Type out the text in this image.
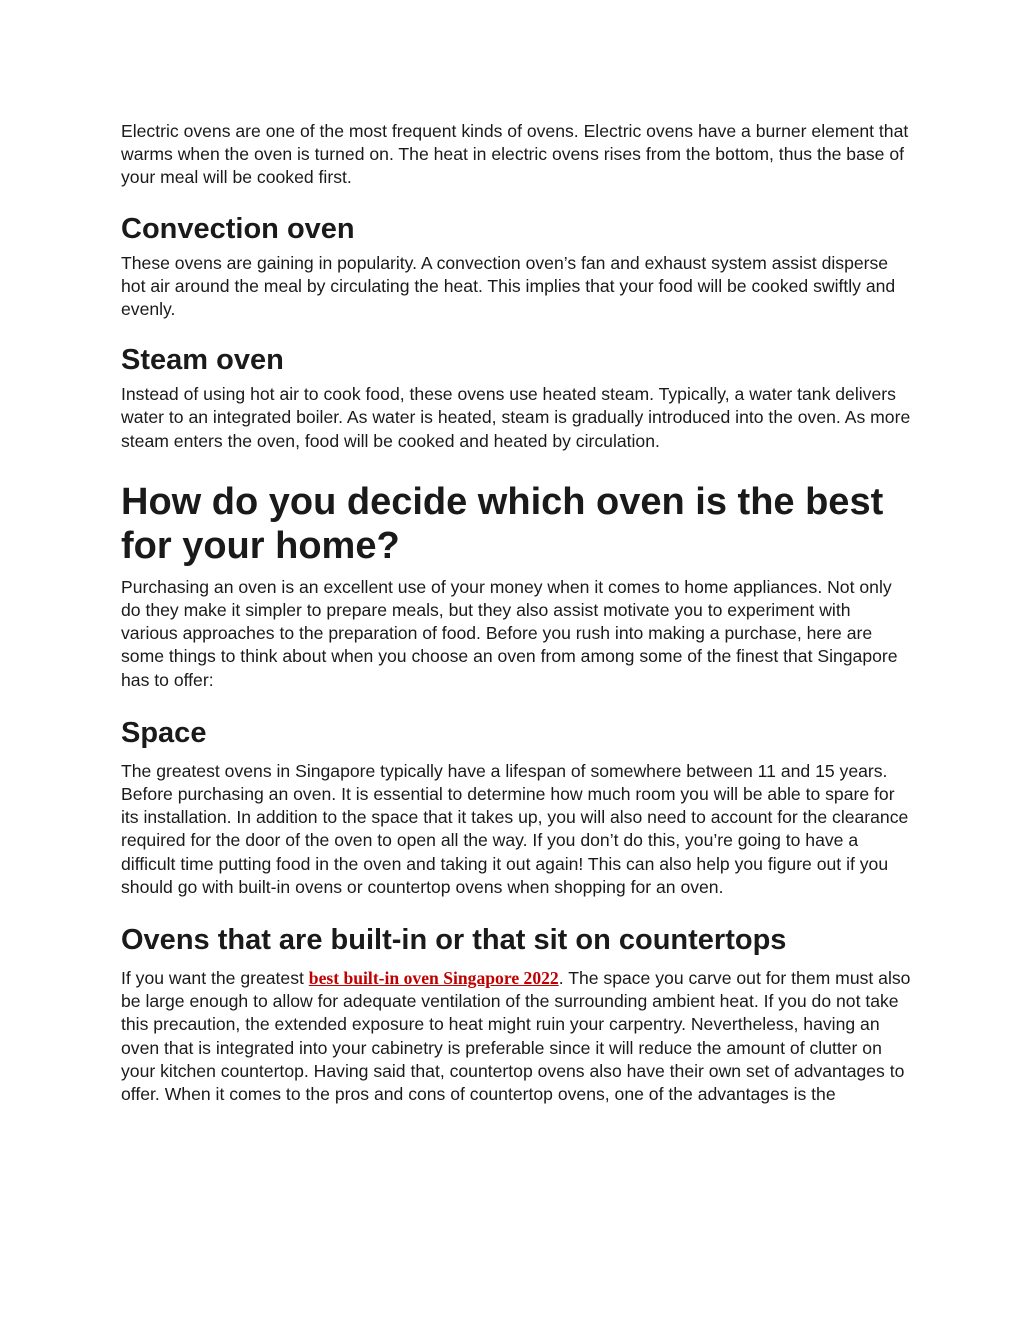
Electric ovens are one of the most frequent kinds of ovens. Electric ovens have a burner element that warms when the oven is turned on. The heat in electric ovens rises from the bottom, thus the base of your meal will be cooked first.

Convection oven

These ovens are gaining in popularity. A convection oven’s fan and exhaust system assist disperse hot air around the meal by circulating the heat. This implies that your food will be cooked swiftly and evenly.

Steam oven

Instead of using hot air to cook food, these ovens use heated steam. Typically, a water tank delivers water to an integrated boiler. As water is heated, steam is gradually introduced into the oven. As more steam enters the oven, food will be cooked and heated by circulation.

How do you decide which oven is the best for your home?

Purchasing an oven is an excellent use of your money when it comes to home appliances. Not only do they make it simpler to prepare meals, but they also assist motivate you to experiment with various approaches to the preparation of food. Before you rush into making a purchase, here are some things to think about when you choose an oven from among some of the finest that Singapore has to offer:

Space

The greatest ovens in Singapore typically have a lifespan of somewhere between 11 and 15 years. Before purchasing an oven. It is essential to determine how much room you will be able to spare for its installation. In addition to the space that it takes up, you will also need to account for the clearance required for the door of the oven to open all the way. If you don’t do this, you’re going to have a difficult time putting food in the oven and taking it out again! This can also help you figure out if you should go with built-in ovens or countertop ovens when shopping for an oven.

Ovens that are built-in or that sit on countertops

If you want the greatest best built-in oven Singapore 2022. The space you carve out for them must also be large enough to allow for adequate ventilation of the surrounding ambient heat. If you do not take this precaution, the extended exposure to heat might ruin your carpentry. Nevertheless, having an oven that is integrated into your cabinetry is preferable since it will reduce the amount of clutter on your kitchen countertop. Having said that, countertop ovens also have their own set of advantages to offer. When it comes to the pros and cons of countertop ovens, one of the advantages is the
